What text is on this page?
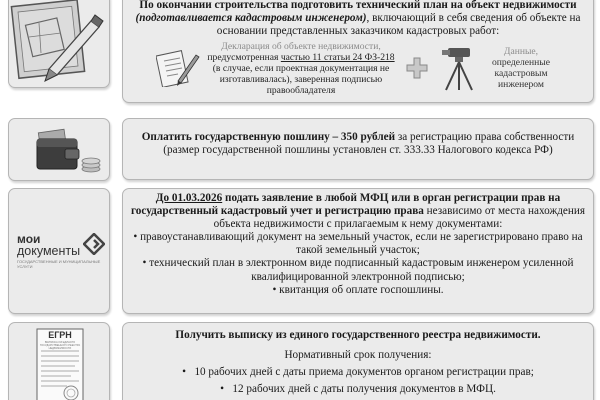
По окончании строительства подготовить технический план на объект недвижимости (подготавливается кадастровым инженером), включающий в себя сведения об объекте на основании представленных заказчиком кадастровых работ:
Декларация об объекте недвижимости,
предусмотренная частью 11 статьи 24 ФЗ-218 (в случае, если проектная документация не изготавливалась), заверенная подписью правообладателя
Данные,
определенные кадастровым инженером
Оплатить государственную пошлину – 350 рублей за регистрацию права собственности (размер государственной пошлины установлен ст. 333.33 Налогового кодекса РФ)
мои
документы
ГОСУДАРСТВЕННЫЕ И МУНИЦИПАЛЬНЫЕ УСЛУГИ
До 01.03.2026 подать заявление в любой МФЦ или в орган регистрации прав на государственный кадастровый учет и регистрацию права независимо от места нахождения объекта недвижимости с прилагаемым к нему документами:
• правоустанавливающий документ на земельный участок, если не зарегистрировано право на такой земельный участок;
• технический план в электронном виде подписанный кадастровым инженером усиленной квалифицированной электронной подписью;
• квитанция об оплате госпошлины.
ЕГРН
ВЫПИСКА ИЗ ЕДИНОГО ГОСУДАРСТВЕННОГО РЕЕСТРА НЕДВИЖИМОСТИ
Получить выписку из единого государственного реестра недвижимости.
Нормативный срок получения:
•   10 рабочих дней с даты приема документов органом регистрации прав;
•   12 рабочих дней с даты получения документов в МФЦ.
